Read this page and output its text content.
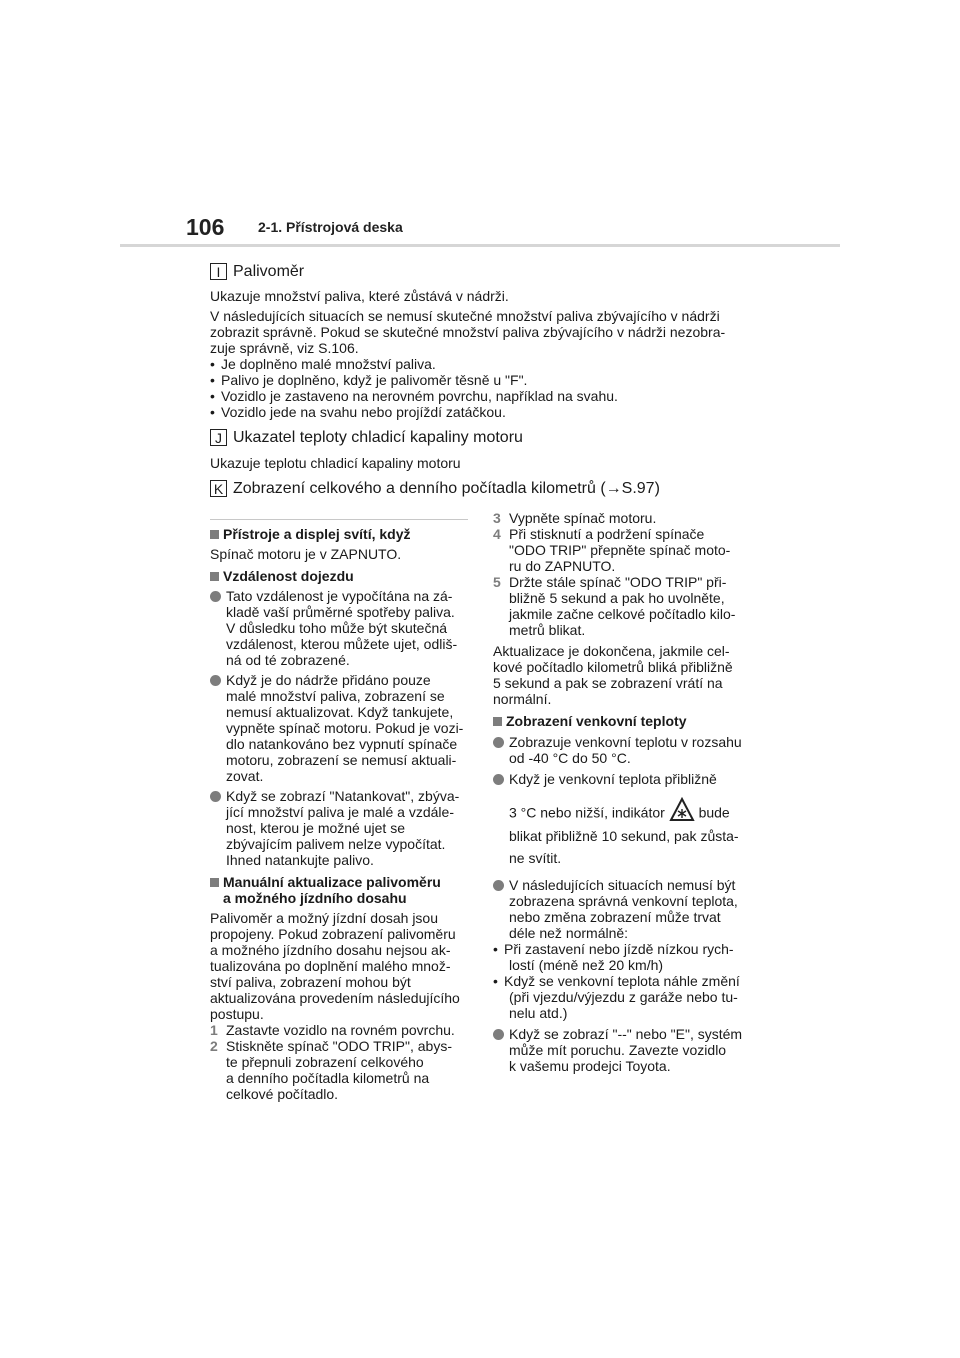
106 2-1. Přístrojová deska
I Palivoměr

Ukazuje množství paliva, které zůstává v nádrži.

V následujících situacích se nemusí skutečné množství paliva zbývajícího v nádrži

zobrazit správně. Pokud se skutečné množství paliva zbývajícího v nádrži nezobra-

zuje správně, viz S.106.

• Je doplněno malé množství paliva.

• Palivo je doplněno, když je palivoměr těsně u "F".

• Vozidlo je zastaveno na nerovném povrchu, například na svahu.

• Vozidlo jede na svahu nebo projíždí zatáčkou.

J Ukazatel teploty chladicí kapaliny motoru

Ukazuje teplotu chladicí kapaliny motoru

K Zobrazení celkového a denního počítadla kilometrů (→S.97)

Přístroje a displej svítí, když

Spínač motoru je v ZAPNUTO.

Vzdálenost dojezdu

Tato vzdálenost je vypočítána na zá-

kladě vaší průměrné spotřeby paliva.

V důsledku toho může být skutečná

vzdálenost, kterou můžete ujet, odliš-

ná od té zobrazené.

Když je do nádrže přidáno pouze

malé množství paliva, zobrazení se

nemusí aktualizovat. Když tankujete,

vypněte spínač motoru. Pokud je vozi-

dlo natankováno bez vypnutí spínače

motoru, zobrazení se nemusí aktuali-

zovat.

Když se zobrazí "Natankovat", zbýva-

jící množství paliva je malé a vzdále-

nost, kterou je možné ujet se

zbývajícím palivem nelze vypočítat.

Ihned natankujte palivo.

Manuální aktualizace palivoměru

a možného jízdního dosahu

Palivoměr a možný jízdní dosah jsou

propojeny. Pokud zobrazení palivoměru

a možného jízdního dosahu nejsou ak-

tualizována po doplnění malého množ-

ství paliva, zobrazení mohou být

aktualizována provedením následujícího

postupu.

1 Zastavte vozidlo na rovném povrchu.

2 Stiskněte spínač "ODO TRIP", abys-

te přepnuli zobrazení celkového

a denního počítadla kilometrů na

celkové počítadlo.

3 Vypněte spínač motoru.

4 Při stisknutí a podržení spínače

"ODO TRIP" přepněte spínač moto-

ru do ZAPNUTO.

5 Držte stále spínač "ODO TRIP" při-

bližně 5 sekund a pak ho uvolněte,

jakmile začne celkové počítadlo kilo-

metrů blikat.

Aktualizace je dokončena, jakmile cel-

kové počítadlo kilometrů bliká přibližně

5 sekund a pak se zobrazení vrátí na

normální.

Zobrazení venkovní teploty

Zobrazuje venkovní teplotu v rozsahu

od -40 °C do 50 °C.

Když je venkovní teplota přibližně

3 °C nebo nižší, indikátor bude

blikat přibližně 10 sekund, pak zůsta-

ne svítit.

V následujících situacích nemusí být

zobrazena správná venkovní teplota,

nebo změna zobrazení může trvat

déle než normálně:

• Při zastavení nebo jízdě nízkou rych-

lostí (méně než 20 km/h)

• Když se venkovní teplota náhle změní

(při vjezdu/výjezdu z garáže nebo tu-

nelu atd.)

Když se zobrazí "--" nebo "E", systém

může mít poruchu. Zavezte vozidlo

k vašemu prodejci Toyota.
